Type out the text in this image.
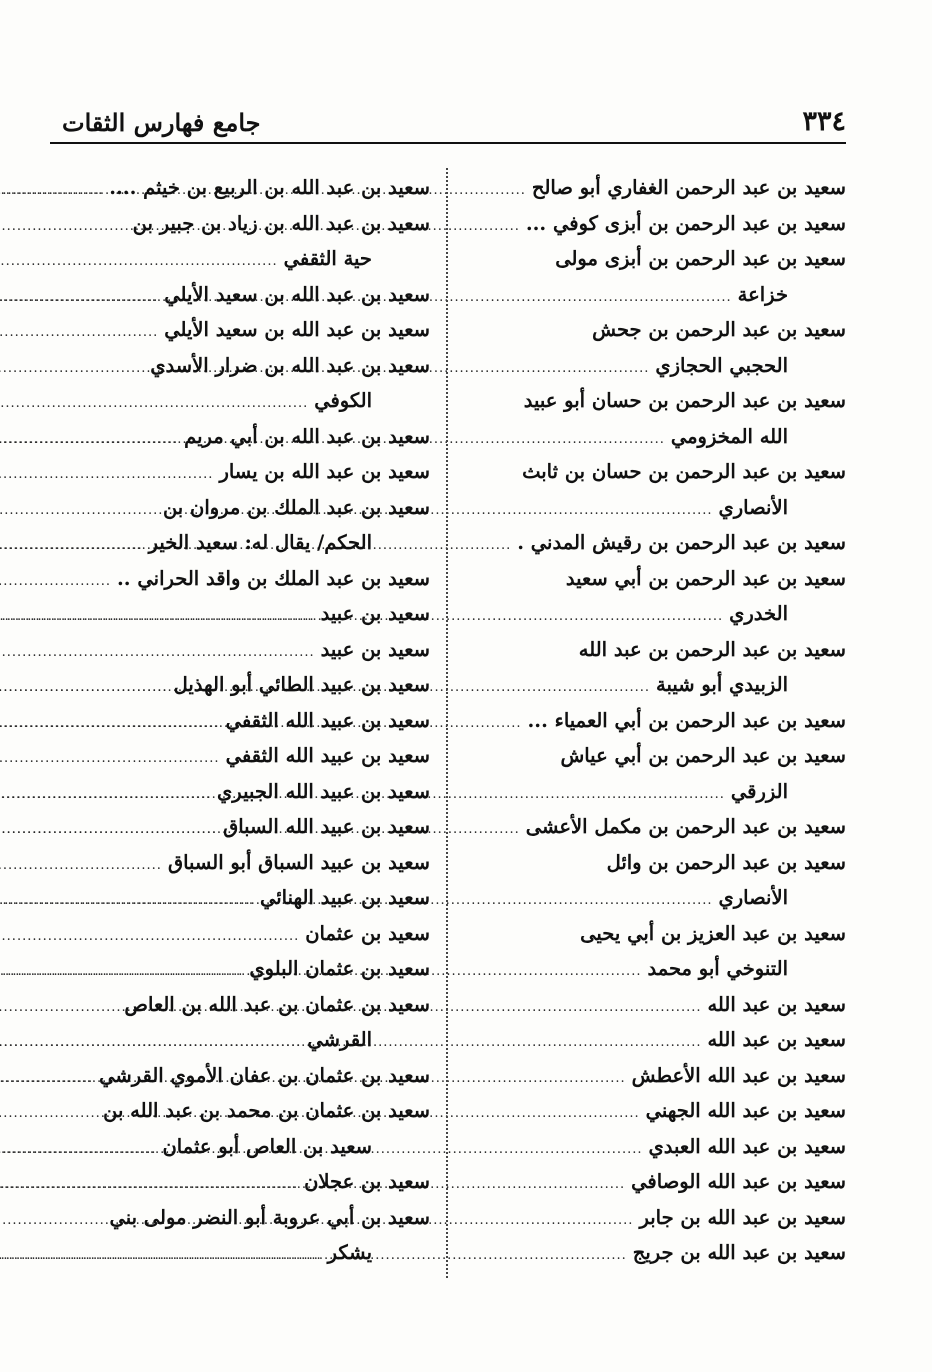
٣٣٤
جامع فهارس الثقات
سعيد بن عبد الرحمن الغفاري أبو صالح
.....
سعيد بن عبد الرحمن بن أبزى كوفي ...
.....
سعيد بن عبد الرحمن بن أبزى مولى
خزاعة
.....
سعيد بن عبد الرحمن بن جحش
الحجبي الحجازي
.....
سعيد بن عبد الرحمن بن حسان أبو عبيد
الله المخزومي
.....
سعيد بن عبد الرحمن بن حسان بن ثابث
الأنصاري
.....
سعيد بن عبد الرحمن بن رقيش المدني .
.....
سعيد بن عبد الرحمن بن أبي سعيد
الخدري
.....
سعيد بن عبد الرحمن بن عبد الله
الزبيدي أبو شيبة
.....
سعيد بن عبد الرحمن بن أبي العمياء ...
.....
سعيد بن عبد الرحمن بن أبي عياش
الزرقي
.....
سعيد بن عبد الرحمن بن مكمل الأعشى
.....
سعيد بن عبد الرحمن بن وائل
الأنصاري
.....
سعيد بن عبد العزيز بن أبي يحيى
التنوخي أبو محمد
.....
سعيد بن عبد الله
.....
سعيد بن عبد الله
.....
سعيد بن عبد الله الأعطش
.....
سعيد بن عبد الله الجهني
.....
سعيد بن عبد الله العبدي
.....
سعيد بن عبد الله الوصافي
.....
سعيد بن عبد الله بن جابر
.....
سعيد بن عبد الله بن جريج
.....
سعيد بن عبد الله بن الربيع بن خيثم ....
.....
سعيد بن عبد الله بن زياد بن جبير بن
حية الثقفي
.....
سعيد بن عبد الله بن سعيد الأيلي
.....
سعيد بن عبد الله بن سعيد الأيلي
.....
سعيد بن عبد الله بن ضرار الأسدي
الكوفي
.....
سعيد بن عبد الله بن أبي مريم
.....
سعيد بن عبد الله بن يسار
.....
سعيد بن عبد الملك بن مروان بن
الحكم/ يقال له: سعيد الخير
.....
سعيد بن عبد الملك بن واقد الحراني ..
.....
سعيد بن عبيد
.....
سعيد بن عبيد
.....
سعيد بن عبيد الطائي أبو الهذيل
.....
سعيد بن عبيد الله الثقفي
.....
سعيد بن عبيد الله الثقفي
.....
سعيد بن عبيد الله الجبيري
.....
سعيد بن عبيد الله السباق
.....
سعيد بن عبيد السباق أبو السباق
.....
سعيد بن عبيد الهنائي
.....
سعيد بن عثمان
.....
سعيد بن عثمان البلوي
.....
سعيد بن عثمان بن عبد الله بن العاص
القرشي
.....
سعيد بن عثمان بن عفان الأموي القرشي
.....
سعيد بن عثمان بن محمد بن عبد الله بن
سعيد بن العاص أبو عثمان
.....
سعيد بن عجلان
.....
سعيد بن أبي عروبة أبو النضر مولى بني
يشكر
.....
